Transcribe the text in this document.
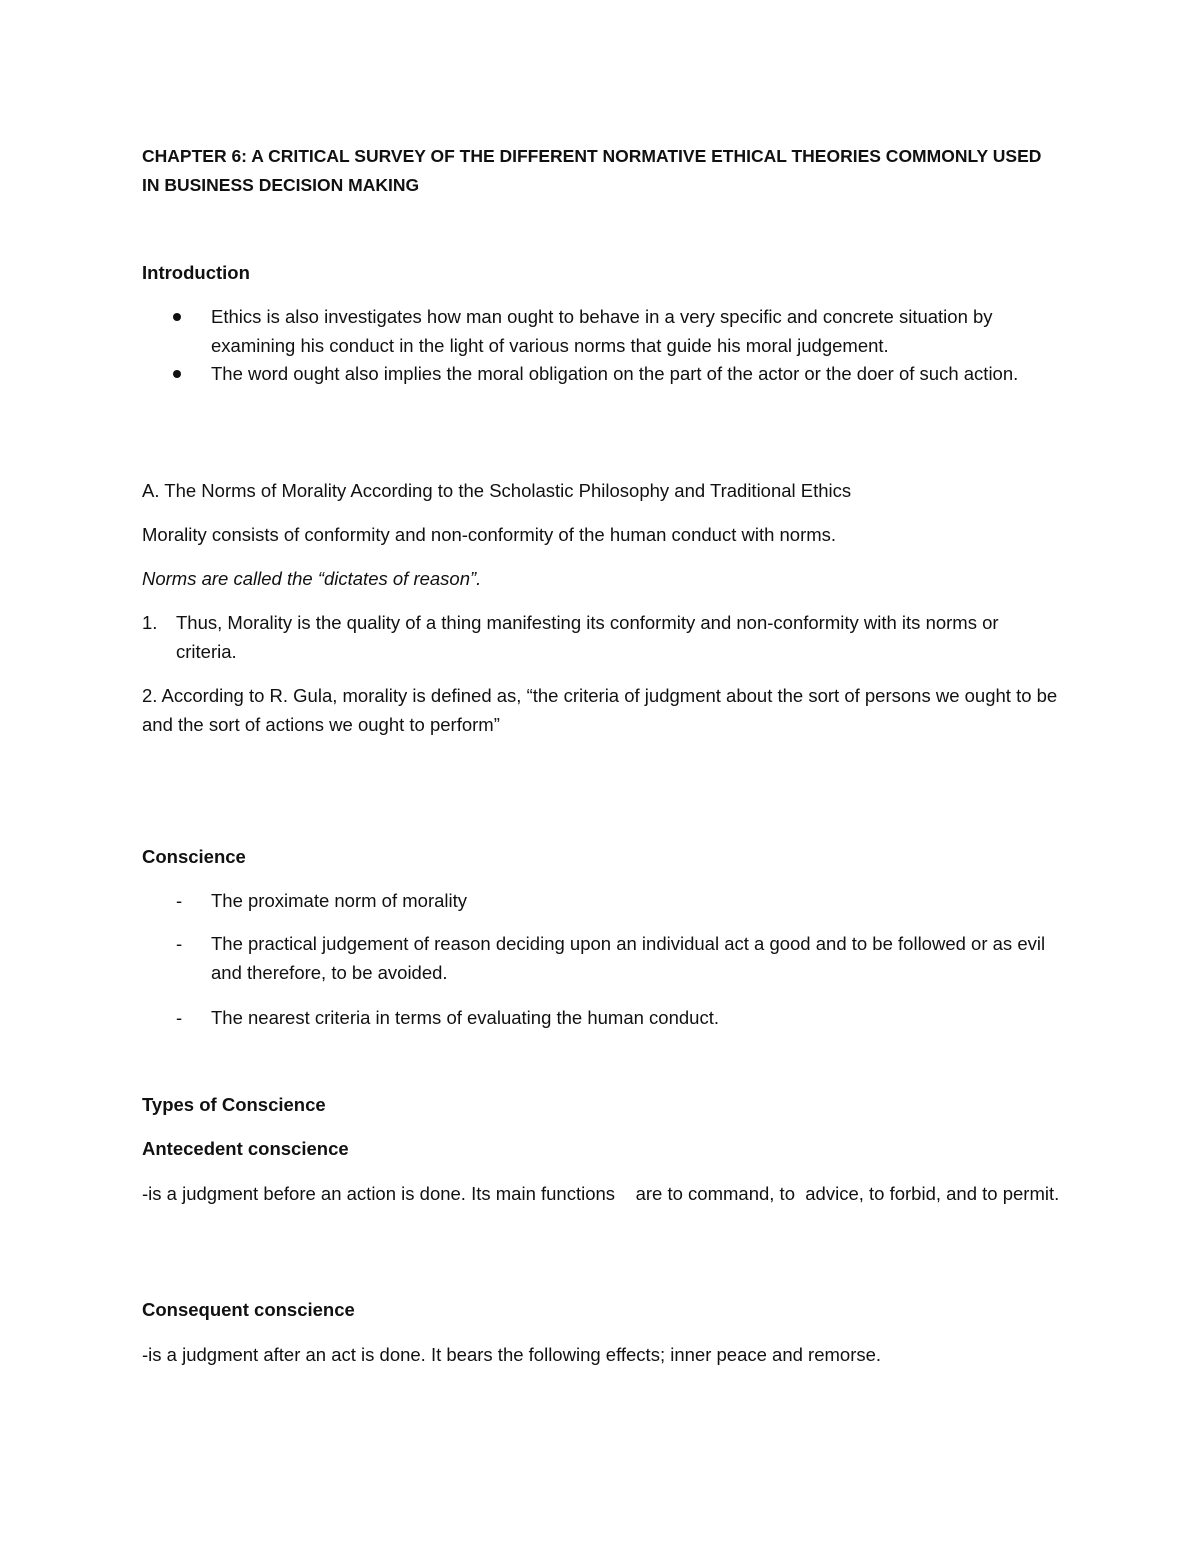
CHAPTER 6: A CRITICAL SURVEY OF THE DIFFERENT NORMATIVE ETHICAL THEORIES COMMONLY USED IN BUSINESS DECISION MAKING

Introduction

Ethics is also investigates how man ought to behave in a very specific and concrete situation by examining his conduct in the light of various norms that guide his moral judgement.
The word ought also implies the moral obligation on the part of the actor or the doer of such action.

A. The Norms of Morality According to the Scholastic Philosophy and Traditional Ethics

Morality consists of conformity and non-conformity of the human conduct with norms.

Norms are called the “dictates of reason”.

1. Thus, Morality is the quality of a thing manifesting its conformity and non-conformity with its norms or criteria.

2. According to R. Gula, morality is defined as, “the criteria of judgment about the sort of persons we ought to be and the sort of actions we ought to perform”

Conscience

- The proximate norm of morality
- The practical judgement of reason deciding upon an individual act a good and to be followed or as evil and therefore, to be avoided.
- The nearest criteria in terms of evaluating the human conduct.

Types of Conscience

Antecedent conscience

-is a judgment before an action is done. Its main functions    are to command, to  advice, to forbid, and to permit.

Consequent conscience

-is a judgment after an act is done. It bears the following effects; inner peace and remorse.
